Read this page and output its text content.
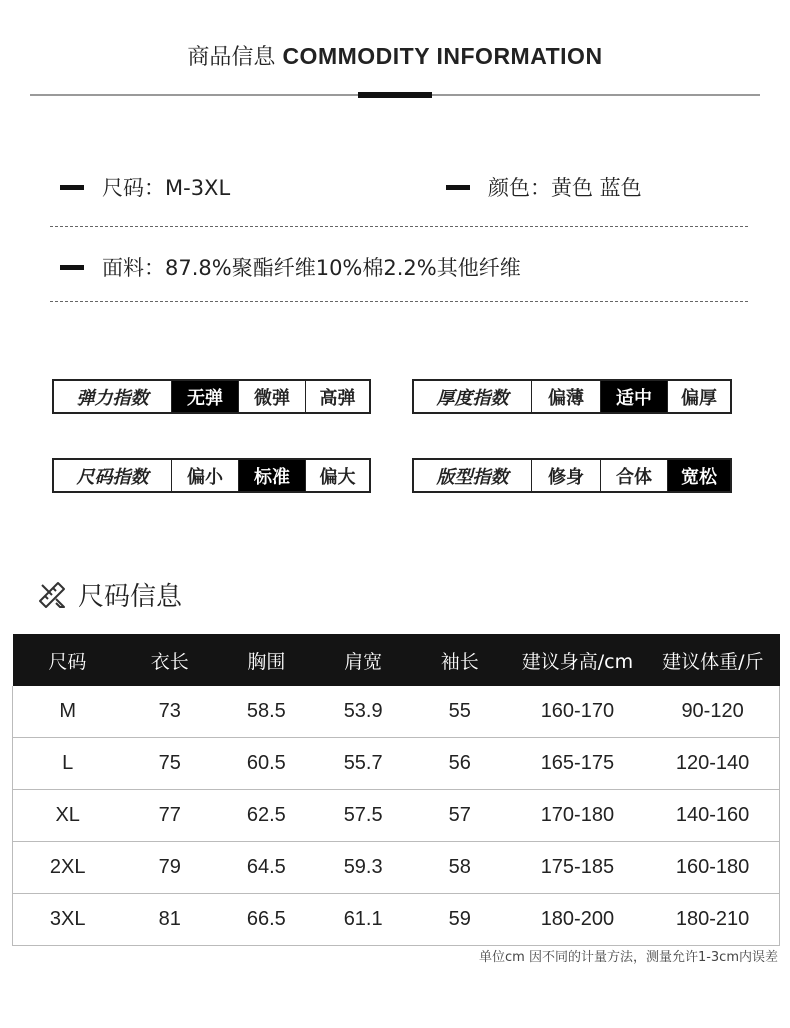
商品信息 COMMODITY INFORMATION
尺码：M-3XL	颜色：黄色 蓝色
面料：87.8%聚酯纤维10%棉2.2%其他纤维
弹力指数	无弹	微弹	高弹	厚度指数	偏薄	适中	偏厚
尺码指数	偏小	标准	偏大	版型指数	修身	合体	宽松
尺码信息
尺码	衣长	胸围	肩宽	袖长	建议身高/cm	建议体重/斤
M	73	58.5	53.9	55	160-170	90-120
L	75	60.5	55.7	56	165-175	120-140
XL	77	62.5	57.5	57	170-180	140-160
2XL	79	64.5	59.3	58	175-185	160-180
3XL	81	66.5	61.1	59	180-200	180-210
单位cm 因不同的计量方法，测量允许1-3cm内误差
